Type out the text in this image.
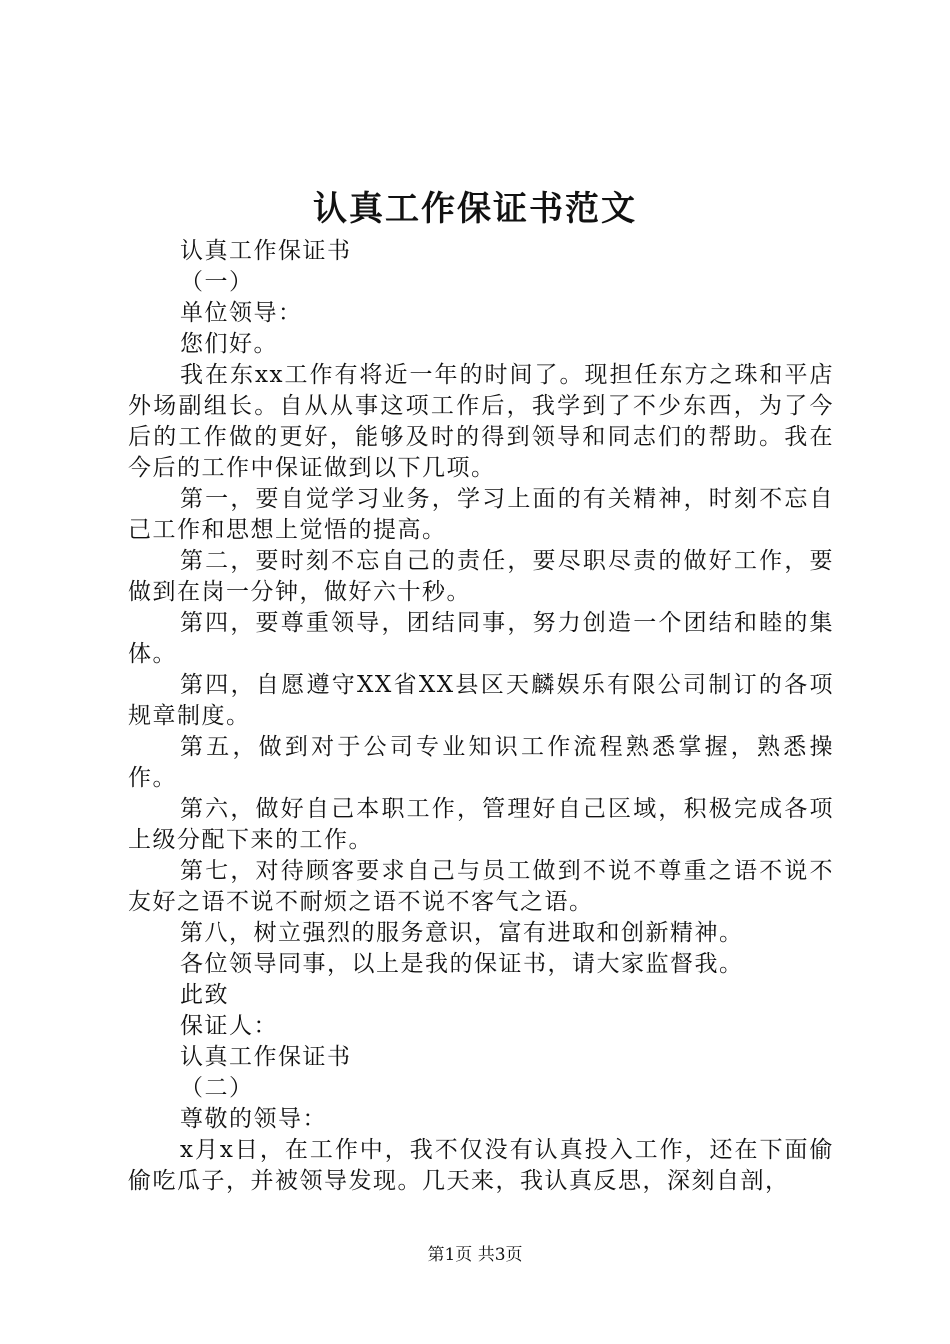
认真工作保证书范文

认真工作保证书

（一）

单位领导：

您们好。

我在东xx工作有将近一年的时间了。现担任东方之珠和平店外场副组长。自从从事这项工作后，我学到了不少东西，为了今后的工作做的更好，能够及时的得到领导和同志们的帮助。我在今后的工作中保证做到以下几项。

第一，要自觉学习业务，学习上面的有关精神，时刻不忘自己工作和思想上觉悟的提高。

第二，要时刻不忘自己的责任，要尽职尽责的做好工作，要做到在岗一分钟，做好六十秒。

第四，要尊重领导，团结同事，努力创造一个团结和睦的集体。

第四，自愿遵守XX省XX县区天麟娱乐有限公司制订的各项规章制度。

第五，做到对于公司专业知识工作流程熟悉掌握，熟悉操作。

第六，做好自己本职工作，管理好自己区域，积极完成各项上级分配下来的工作。

第七，对待顾客要求自己与员工做到不说不尊重之语不说不友好之语不说不耐烦之语不说不客气之语。

第八，树立强烈的服务意识，富有进取和创新精神。

各位领导同事，以上是我的保证书，请大家监督我。

此致

保证人：

认真工作保证书

（二）

尊敬的领导：

x月x日，在工作中，我不仅没有认真投入工作，还在下面偷偷吃瓜子，并被领导发现。几天来，我认真反思，深刻自剖，

第1页 共3页
